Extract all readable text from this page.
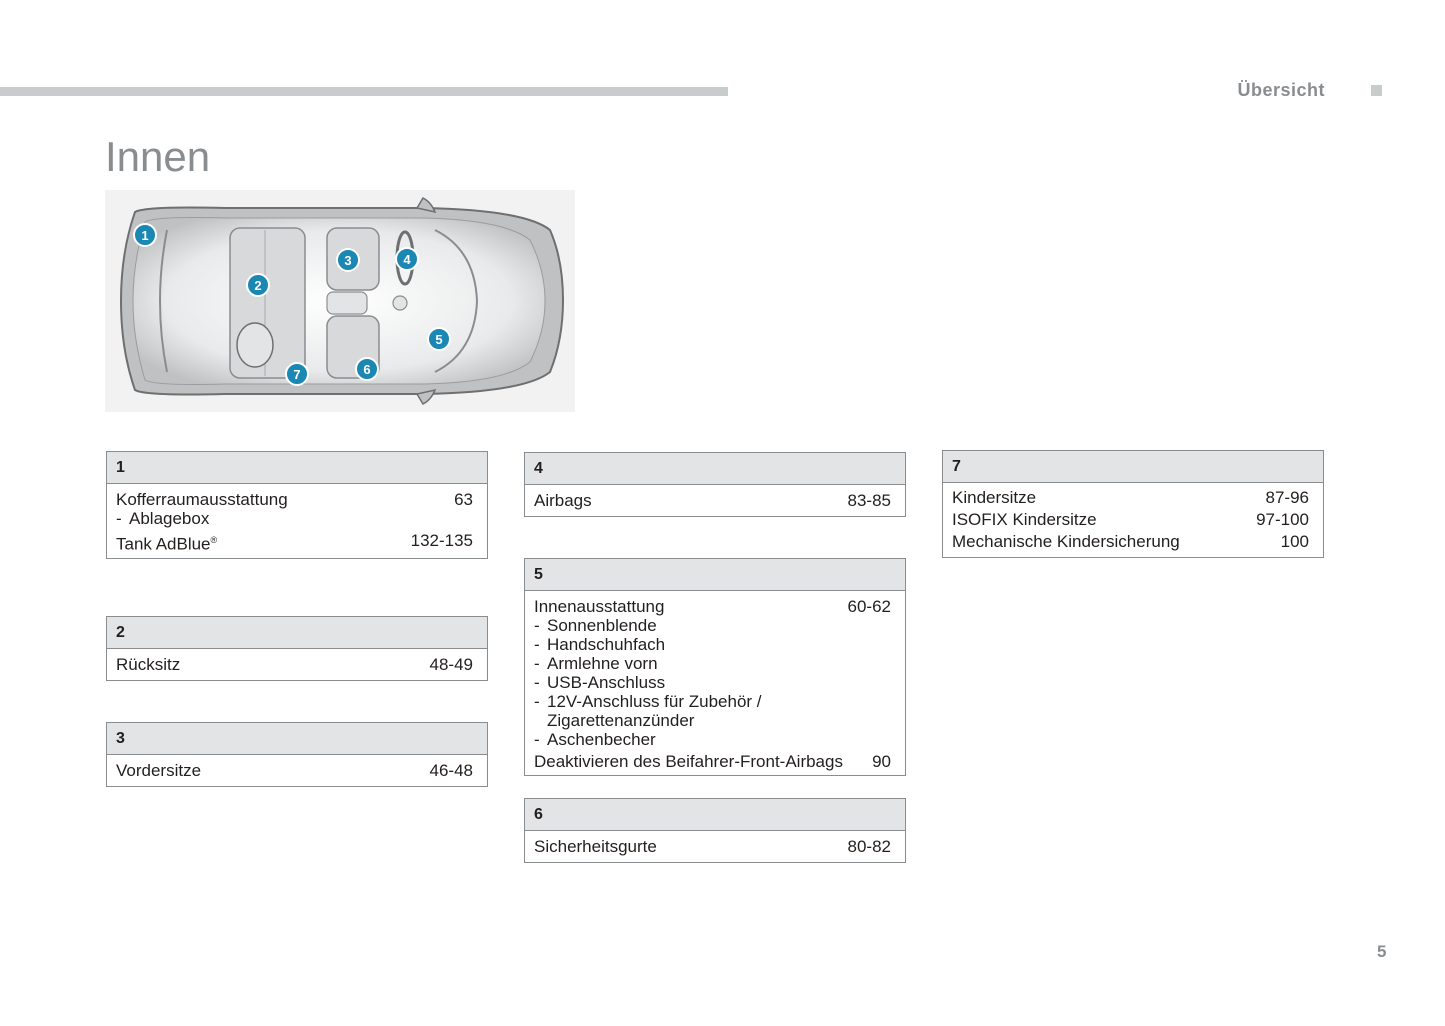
Übersicht
Innen
1
2
3	4
5
6
7
1
Kofferraumausstattung	63
- Ablagebox
Tank AdBlue®	132-135
2
Rücksitz	48-49
3
Vordersitze	46-48
4
Airbags	83-85
5
Innenausstattung	60-62
- Sonnenblende
- Handschuhfach
- Armlehne vorn
- USB-Anschluss
- 12V-Anschluss für Zubehör /
Zigarettenanzünder
- Aschenbecher
Deaktivieren des Beifahrer-Front-Airbags 90
6
Sicherheitsgurte	80-82
7
Kindersitze	87-96
ISOFIX Kindersitze	97-100
Mechanische Kindersicherung	100
5
